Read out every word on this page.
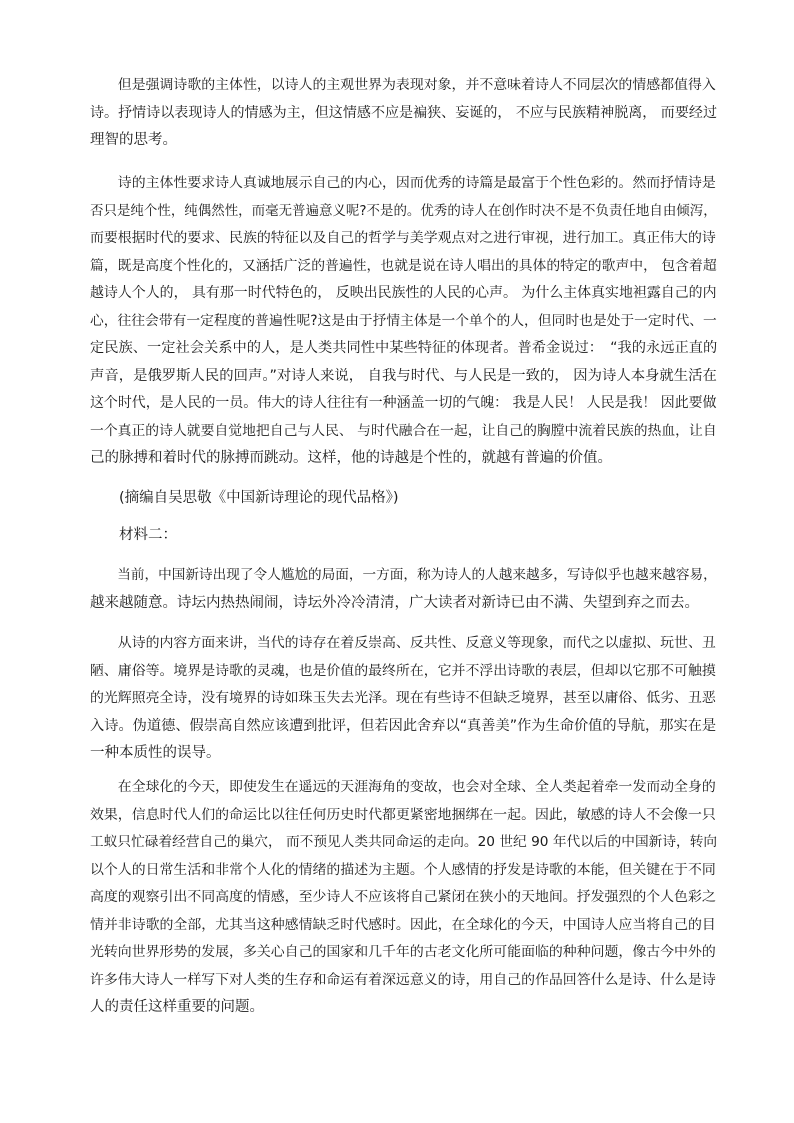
　　但是强调诗歌的主体性，以诗人的主观世界为表现对象，并不意味着诗人不同层次的情感都值得入
诗。抒情诗以表现诗人的情感为主，但这情感不应是褊狭、妄诞的， 不应与民族精神脱离， 而要经过
理智的思考。
　　诗的主体性要求诗人真诚地展示自己的内心，因而优秀的诗篇是最富于个性色彩的。然而抒情诗是
否只是纯个性，纯偶然性，而毫无普遍意义呢?不是的。优秀的诗人在创作时决不是不负责任地自由倾泻，
而要根据时代的要求、民族的特征以及自己的哲学与美学观点对之进行审视，进行加工。真正伟大的诗
篇，既是高度个性化的，又涵括广泛的普遍性，也就是说在诗人唱出的具体的特定的歌声中， 包含着超
越诗人个人的， 具有那一时代特色的， 反映出民族性的人民的心声。 为什么主体真实地袒露自己的内
心，往往会带有一定程度的普遍性呢?这是由于抒情主体是一个单个的人，但同时也是处于一定时代、一
定民族、一定社会关系中的人，是人类共同性中某些特征的体现者。普希金说过：　“我的永远正直的
声音，是俄罗斯人民的回声。”对诗人来说， 自我与时代、与人民是一致的， 因为诗人本身就生活在
这个时代，是人民的一员。伟大的诗人往往有一种涵盖一切的气魄： 我是人民！ 人民是我！ 因此要做
一个真正的诗人就要自觉地把自己与人民、 与时代融合在一起，让自己的胸膛中流着民族的热血，让自
己的脉搏和着时代的脉搏而跳动。这样，他的诗越是个性的，就越有普遍的价值。
　　(摘编自吴思敬《中国新诗理论的现代品格》)
　　材料二：
　　当前，中国新诗出现了令人尴尬的局面，一方面，称为诗人的人越来越多，写诗似乎也越来越容易，
越来越随意。诗坛内热热闹闹，诗坛外冷冷清清，广大读者对新诗已由不满、失望到弃之而去。
　　从诗的内容方面来讲，当代的诗存在着反崇高、反共性、反意义等现象，而代之以虚拟、玩世、丑
陋、庸俗等。境界是诗歌的灵魂，也是价值的最终所在，它并不浮出诗歌的表层，但却以它那不可触摸
的光辉照亮全诗，没有境界的诗如珠玉失去光泽。现在有些诗不但缺乏境界，甚至以庸俗、低劣、丑恶
入诗。伪道德、假崇高自然应该遭到批评，但若因此舍弃以“真善美”作为生命价值的导航，那实在是
一种本质性的误导。
　　在全球化的今天，即使发生在遥远的天涯海角的变故，也会对全球、全人类起着牵一发而动全身的
效果，信息时代人们的命运比以往任何历史时代都更紧密地捆绑在一起。因此，敏感的诗人不会像一只
工蚁只忙碌着经营自己的巢穴， 而不预见人类共同命运的走向。20 世纪 90 年代以后的中国新诗，转向
以个人的日常生活和非常个人化的情绪的描述为主题。个人感情的抒发是诗歌的本能，但关键在于不同
高度的观察引出不同高度的情感，至少诗人不应该将自己紧闭在狭小的天地间。抒发强烈的个人色彩之
情并非诗歌的全部，尤其当这种感情缺乏时代感时。因此，在全球化的今天，中国诗人应当将自己的目
光转向世界形势的发展，多关心自己的国家和几千年的古老文化所可能面临的种种问题，像古今中外的
许多伟大诗人一样写下对人类的生存和命运有着深远意义的诗，用自己的作品回答什么是诗、什么是诗
人的责任这样重要的问题。
